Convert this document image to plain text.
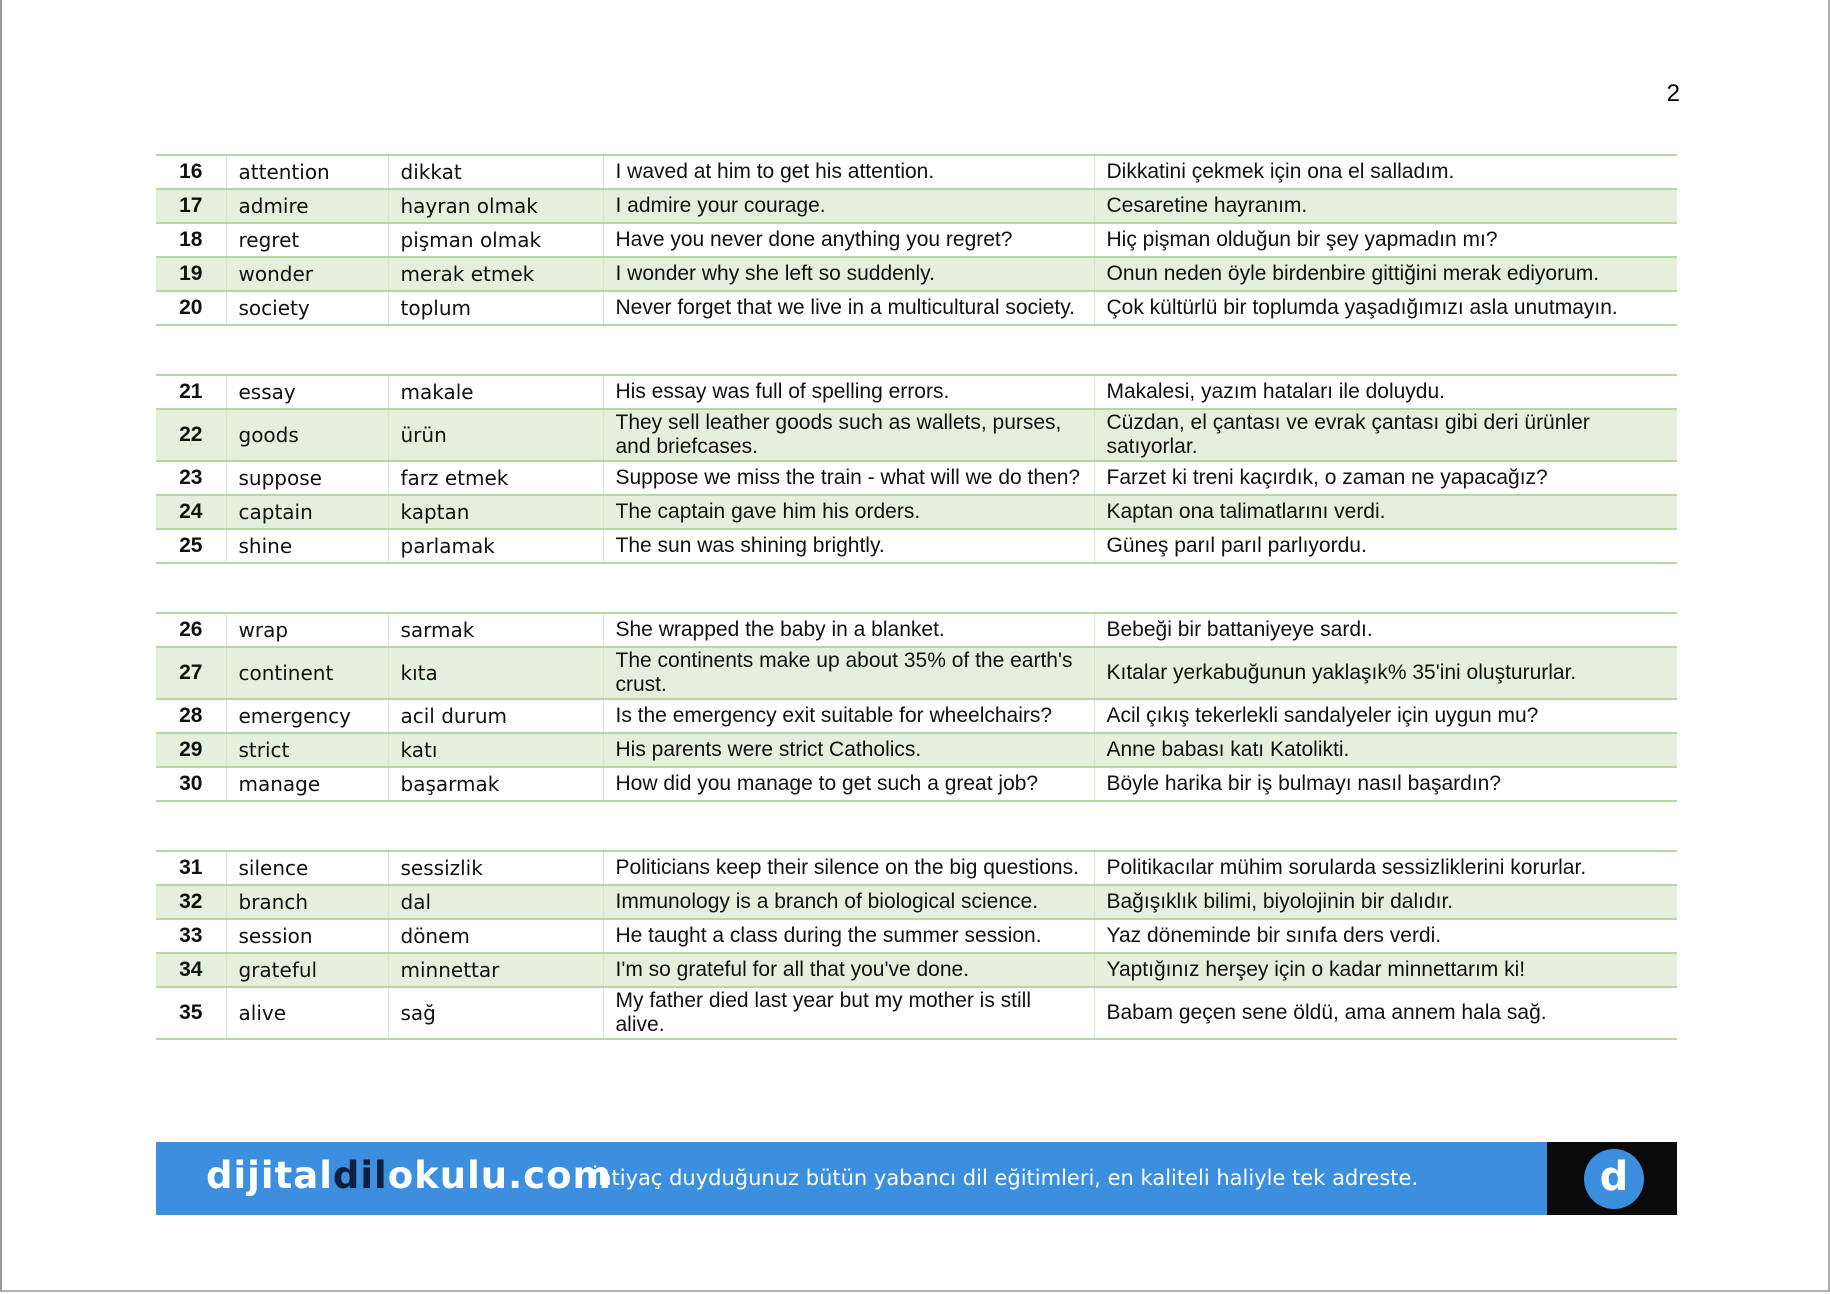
2
16	attention	dikkat	I waved at him to get his attention.	Dikkatini çekmek için ona el salladım.
17	admire	hayran olmak	I admire your courage.	Cesaretine hayranım.
18	regret	pişman olmak	Have you never done anything you regret?	Hiç pişman olduğun bir şey yapmadın mı?
19	wonder	merak etmek	I wonder why she left so suddenly.	Onun neden öyle birdenbire gittiğini merak ediyorum.
20	society	toplum	Never forget that we live in a multicultural society.	Çok kültürlü bir toplumda yaşadığımızı asla unutmayın.
21	essay	makale	His essay was full of spelling errors.	Makalesi, yazım hataları ile doluydu.
22	goods	ürün	They sell leather goods such as wallets, purses, and briefcases.	Cüzdan, el çantası ve evrak çantası gibi deri ürünler satıyorlar.
23	suppose	farz etmek	Suppose we miss the train - what will we do then?	Farzet ki treni kaçırdık, o zaman ne yapacağız?
24	captain	kaptan	The captain gave him his orders.	Kaptan ona talimatlarını verdi.
25	shine	parlamak	The sun was shining brightly.	Güneş parıl parıl parlıyordu.
26	wrap	sarmak	She wrapped the baby in a blanket.	Bebeği bir battaniyeye sardı.
27	continent	kıta	The continents make up about 35% of the earth's crust.	Kıtalar yerkabuğunun yaklaşık% 35'ini oluştururlar.
28	emergency	acil durum	Is the emergency exit suitable for wheelchairs?	Acil çıkış tekerlekli sandalyeler için uygun mu?
29	strict	katı	His parents were strict Catholics.	Anne babası katı Katolikti.
30	manage	başarmak	How did you manage to get such a great job?	Böyle harika bir iş bulmayı nasıl başardın?
31	silence	sessizlik	Politicians keep their silence on the big questions.	Politikacılar mühim sorularda sessizliklerini korurlar.
32	branch	dal	Immunology is a branch of biological science.	Bağışıklık bilimi, biyolojinin bir dalıdır.
33	session	dönem	He taught a class during the summer session.	Yaz döneminde bir sınıfa ders verdi.
34	grateful	minnettar	I'm so grateful for all that you've done.	Yaptığınız herşey için o kadar minnettarım ki!
35	alive	sağ	My father died last year but my mother is still alive.	Babam geçen sene öldü, ama annem hala sağ.
dijitaldilokulu.com
İhtiyaç duyduğunuz bütün yabancı dil eğitimleri, en kaliteli haliyle tek adreste.	d
